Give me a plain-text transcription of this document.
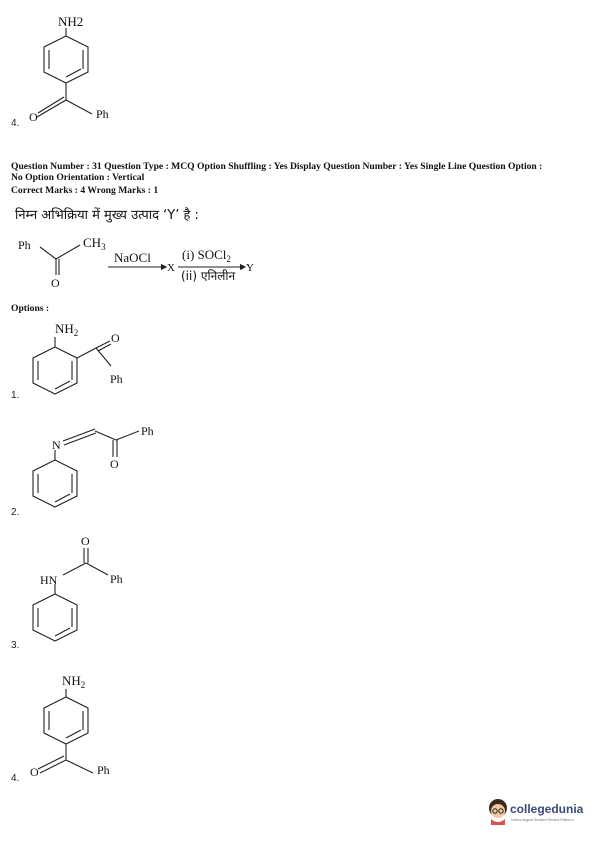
NH2
O	Ph
4.
Question Number : 31 Question Type : MCQ Option Shuffling : Yes Display Question Number : Yes Single Line Question Option :
No Option Orientation : Vertical
Correct Marks : 4 Wrong Marks : 1
निम्न अभिक्रिया में मुख्य उत्पाद ‘Y’ है :
Ph	$CH_3$
O
NaOCl
X
(i) SOCl$_2$
(ii) एनिलीन
Y
Options :
$NH_2$	O
Ph
1.
N
O
Ph
2.
HN
O
Ph
3.
$NH_2$
O	Ph
4.
collegedunia
India's largest Student Review Platform
